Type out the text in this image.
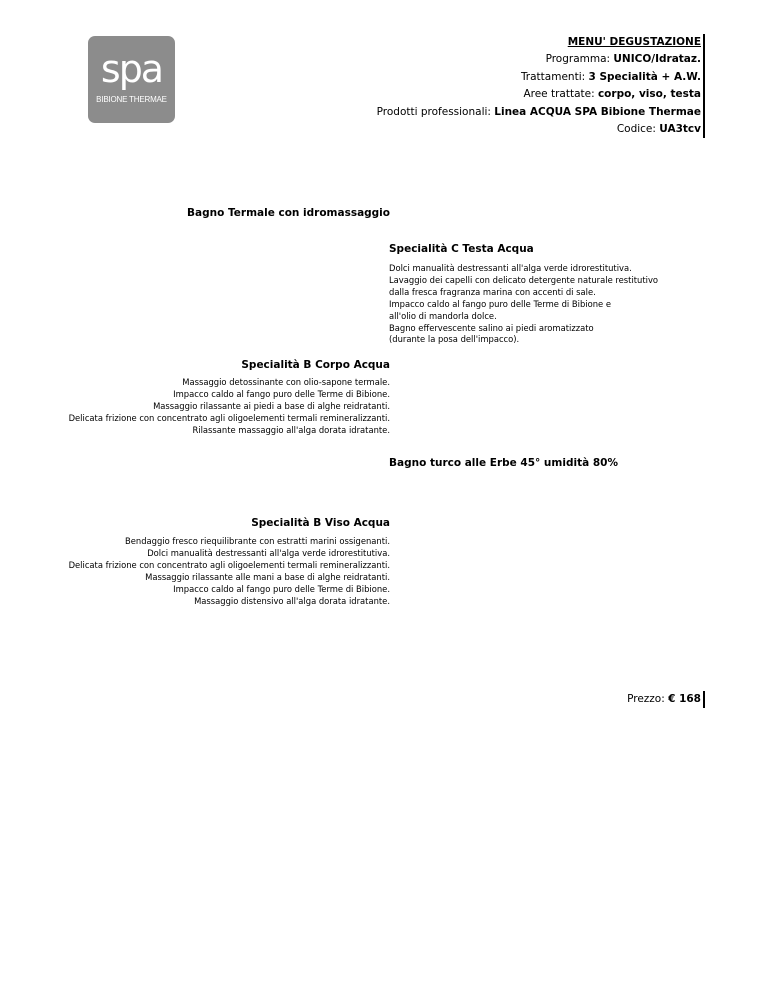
spa
BIBIONE THERMAE
MENU' DEGUSTAZIONE
Programma: UNICO/Idrataz.
Trattamenti: 3 Specialità + A.W.
Aree trattate: corpo, viso, testa
Prodotti professionali: Linea ACQUA SPA Bibione Thermae
Codice: UA3tcv
Bagno Termale con idromassaggio
Specialità C Testa Acqua
Dolci manualità destressanti all'alga verde idrorestitutiva.
Lavaggio dei capelli con delicato detergente naturale restitutivo
dalla fresca fragranza marina con accenti di sale.
Impacco caldo al fango puro delle Terme di Bibione e
all'olio di mandorla dolce.
Bagno effervescente salino ai piedi aromatizzato
(durante la posa dell'impacco).
Specialità B Corpo Acqua
Massaggio detossinante con olio-sapone termale.
Impacco caldo al fango puro delle Terme di Bibione.
Massaggio rilassante ai piedi a base di alghe reidratanti.
Delicata frizione con concentrato agli oligoelementi termali remineralizzanti.
Rilassante massaggio all'alga dorata idratante.
Bagno turco alle Erbe 45° umidità 80%
Specialità B Viso Acqua
Bendaggio fresco riequilibrante con estratti marini ossigenanti.
Dolci manualità destressanti all'alga verde idrorestitutiva.
Delicata frizione con concentrato agli oligoelementi termali remineralizzanti.
Massaggio rilassante alle mani a base di alghe reidratanti.
Impacco caldo al fango puro delle Terme di Bibione.
Massaggio distensivo all'alga dorata idratante.
Prezzo: € 168
